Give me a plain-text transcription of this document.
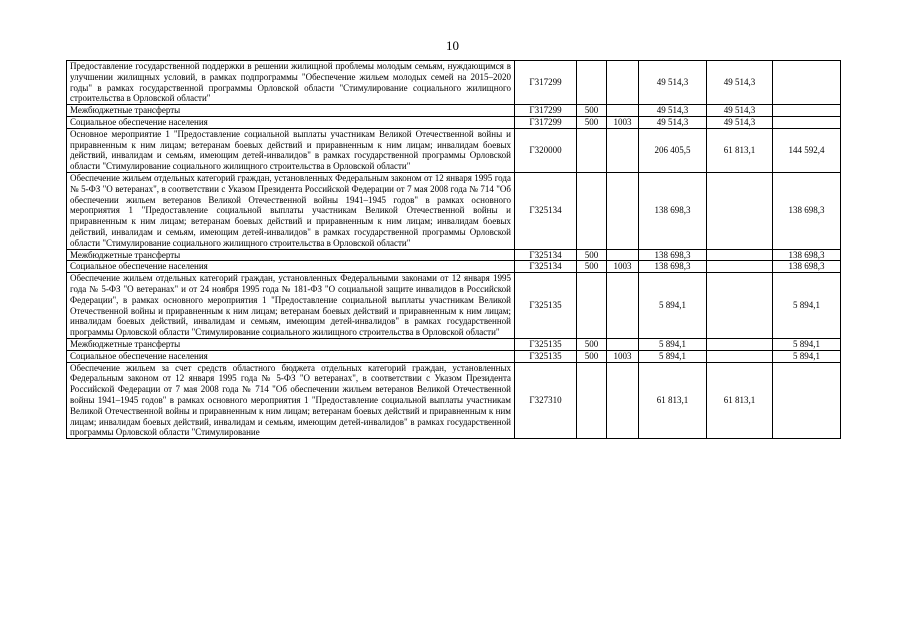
10
Предоставление государственной поддержки в решении жилищной проблемы молодым семьям, нуждающимся в улучшении жилищных условий, в рамках подпрограммы "Обеспечение жильем молодых семей на 2015–2020 годы" в рамках государственной программы Орловской области "Стимулирование социального жилищного строительства в Орловской области"	Г317299			49 514,3	49 514,3	
Межбюджетные трансферты	Г317299	500		49 514,3	49 514,3	
Социальное обеспечение населения	Г317299	500	1003	49 514,3	49 514,3	
Основное мероприятие 1 "Предоставление социальной выплаты участникам Великой Отечественной войны и приравненным к ним лицам; ветеранам боевых действий и приравненным к ним лицам; инвалидам боевых действий, инвалидам и семьям, имеющим детей-инвалидов" в рамках государственной программы Орловской области "Стимулирование социального жилищного строительства в Орловской области"	Г320000			206 405,5	61 813,1	144 592,4
Обеспечение жильем отдельных категорий граждан, установленных Федеральным законом от 12 января 1995 года № 5-ФЗ "О ветеранах", в соответствии с Указом Президента Российской Федерации от 7 мая 2008 года № 714 "Об обеспечении жильем ветеранов Великой Отечественной войны 1941–1945 годов" в рамках основного мероприятия 1 "Предоставление социальной выплаты участникам Великой Отечественной войны и приравненным к ним лицам; ветеранам боевых действий и приравненным к ним лицам; инвалидам боевых действий, инвалидам и семьям, имеющим детей-инвалидов" в рамках государственной программы Орловской области "Стимулирование социального жилищного строительства в Орловской области"	Г325134			138 698,3		138 698,3
Межбюджетные трансферты	Г325134	500		138 698,3		138 698,3
Социальное обеспечение населения	Г325134	500	1003	138 698,3		138 698,3
Обеспечение жильем отдельных категорий граждан, установленных Федеральными законами от 12 января 1995 года № 5-ФЗ "О ветеранах" и от 24 ноября 1995 года № 181-ФЗ "О социальной защите инвалидов в Российской Федерации", в рамках основного мероприятия 1 "Предоставление социальной выплаты участникам Великой Отечественной войны и приравненным к ним лицам; ветеранам боевых действий и приравненным к ним лицам; инвалидам боевых действий, инвалидам и семьям, имеющим детей-инвалидов" в рамках государственной программы Орловской области "Стимулирование социального жилищного строительства в Орловской области"	Г325135			5 894,1		5 894,1
Межбюджетные трансферты	Г325135	500		5 894,1		5 894,1
Социальное обеспечение населения	Г325135	500	1003	5 894,1		5 894,1
Обеспечение жильем за счет средств областного бюджета отдельных категорий граждан, установленных Федеральным законом от 12 января 1995 года № 5-ФЗ "О ветеранах", в соответствии с Указом Президента Российской Федерации от 7 мая 2008 года № 714 "Об обеспечении жильем ветеранов Великой Отечественной войны 1941–1945 годов" в рамках основного мероприятия 1 "Предоставление социальной выплаты участникам Великой Отечественной войны и приравненным к ним лицам; ветеранам боевых действий и приравненным к ним лицам; инвалидам боевых действий, инвалидам и семьям, имеющим детей-инвалидов" в рамках государственной программы Орловской области "Стимулирование	Г327310			61 813,1	61 813,1	
